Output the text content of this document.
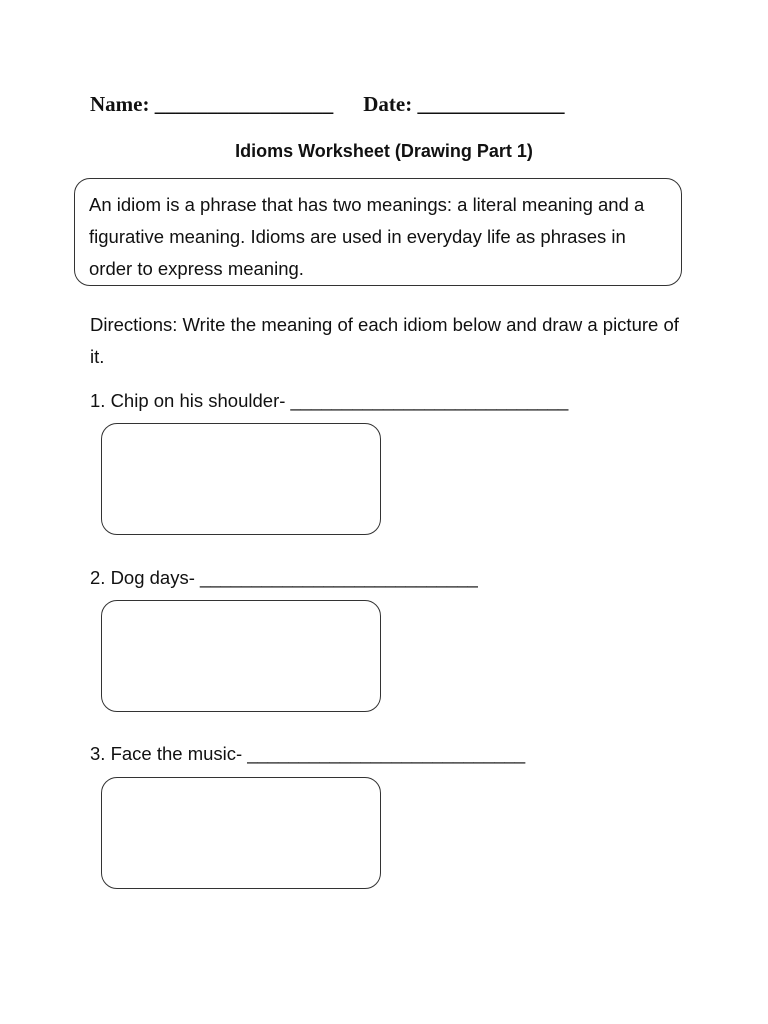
Name: _________________ Date: ______________
Idioms Worksheet (Drawing Part 1)
An idiom is a phrase that has two meanings: a literal meaning and a figurative meaning. Idioms are used in everyday life as phrases in order to express meaning.
Directions: Write the meaning of each idiom below and draw a picture of it.
1. Chip on his shoulder- ___________________________
2. Dog days- ___________________________
3. Face the music- ___________________________
